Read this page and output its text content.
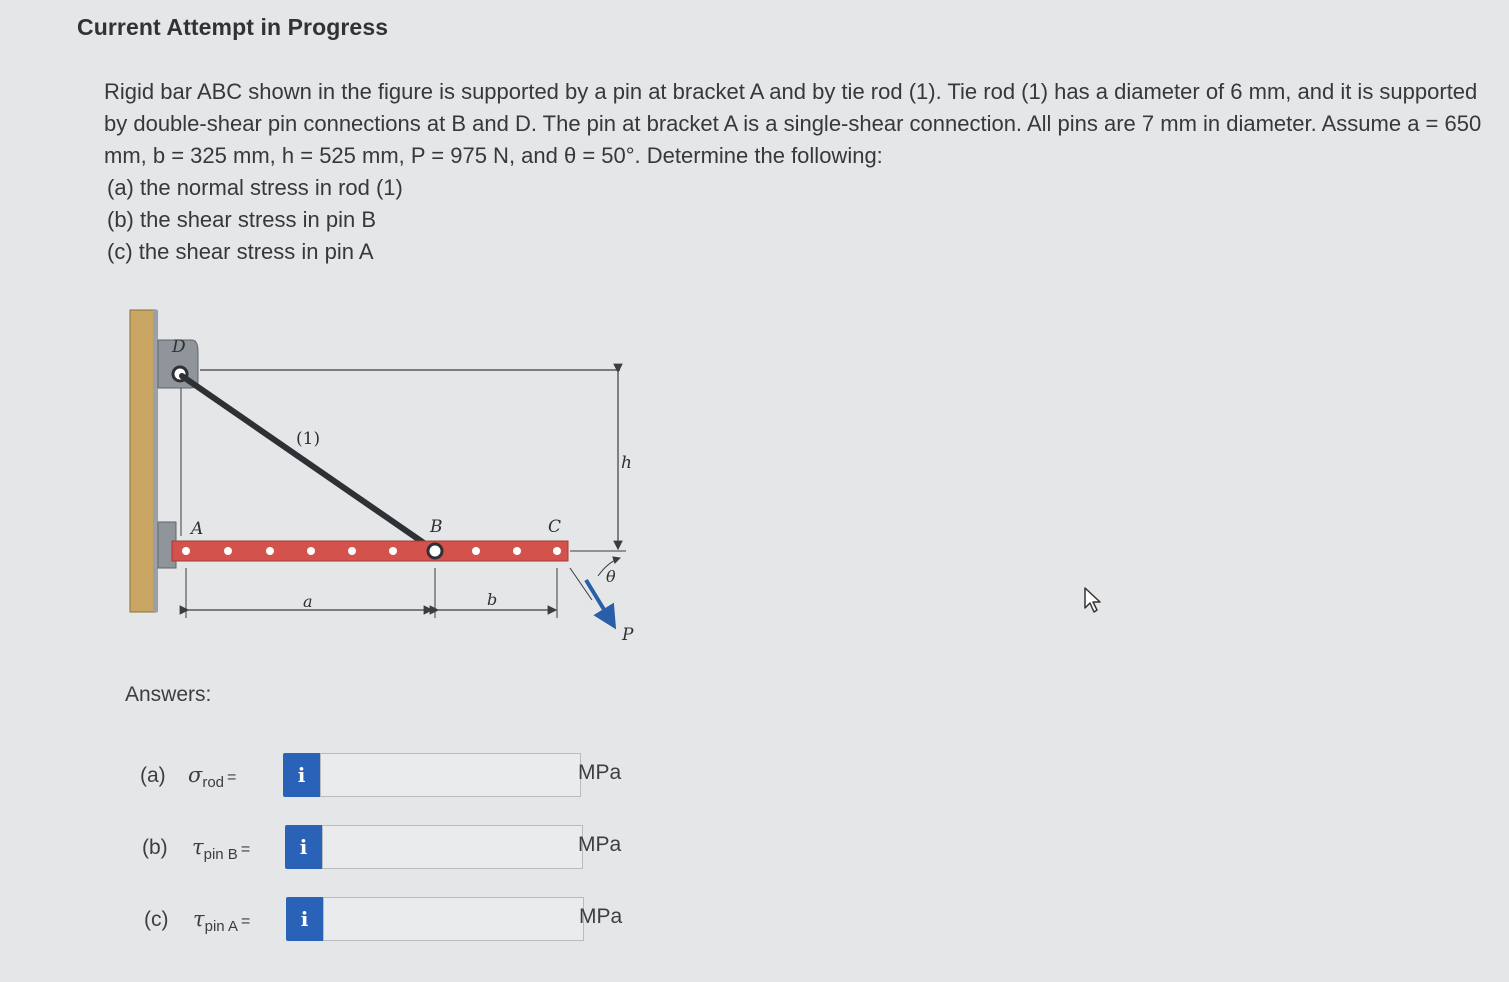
Current Attempt in Progress

Rigid bar ABC shown in the figure is supported by a pin at bracket A and by tie rod (1). Tie rod (1) has a diameter of 6 mm, and it is supported by double-shear pin connections at B and D. The pin at bracket A is a single-shear connection. All pins are 7 mm in diameter. Assume a = 650 mm, b = 325 mm, h = 525 mm, P = 975 N, and θ = 50°. Determine the following:

(a) the normal stress in rod (1)

(b) the shear stress in pin B

(c) the shear stress in pin A

D
A	B	C
(1)
h
a	b
θ
P
Answers:
(a) $\sigma_{rod}$ =	i	MPa
(b) $\tau_{pin B}$ =	i	MPa
(c) $\tau_{pin A}$ =	i	MPa
